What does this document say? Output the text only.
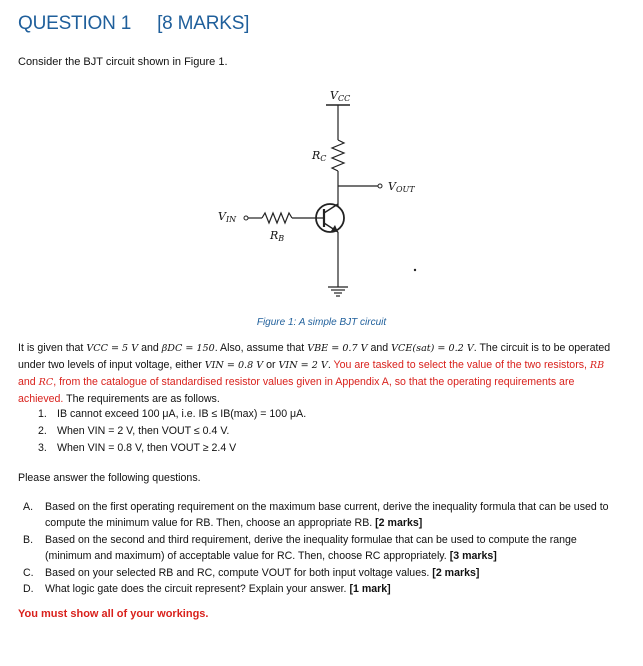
QUESTION 1 [8 MARKS]
Consider the BJT circuit shown in Figure 1.
VCC
RC
VOUT
VIN
RB
Figure 1: A simple BJT circuit
It is given that VCC = 5 V and βDC = 150. Also, assume that VBE = 0.7 V and VCE(sat) = 0.2 V. The circuit is to be operated under two levels of input voltage, either VIN = 0.8 V or VIN = 2 V. You are tasked to select the value of the two resistors, RB and RC, from the catalogue of standardised resistor values given in Appendix A, so that the operating requirements are achieved. The requirements are as follows.
1. IB cannot exceed 100 μA, i.e. IB ≤ IB(max) = 100 μA.
2. When VIN = 2 V, then VOUT ≤ 0.4 V.
3. When VIN = 0.8 V, then VOUT ≥ 2.4 V
Please answer the following questions.
A. Based on the first operating requirement on the maximum base current, derive the inequality formula that can be used to compute the minimum value for RB. Then, choose an appropriate RB. [2 marks]
B. Based on the second and third requirement, derive the inequality formulae that can be used to compute the range (minimum and maximum) of acceptable value for RC. Then, choose RC appropriately. [3 marks]
C. Based on your selected RB and RC, compute VOUT for both input voltage values. [2 marks]
D. What logic gate does the circuit represent? Explain your answer. [1 mark]
You must show all of your workings.
